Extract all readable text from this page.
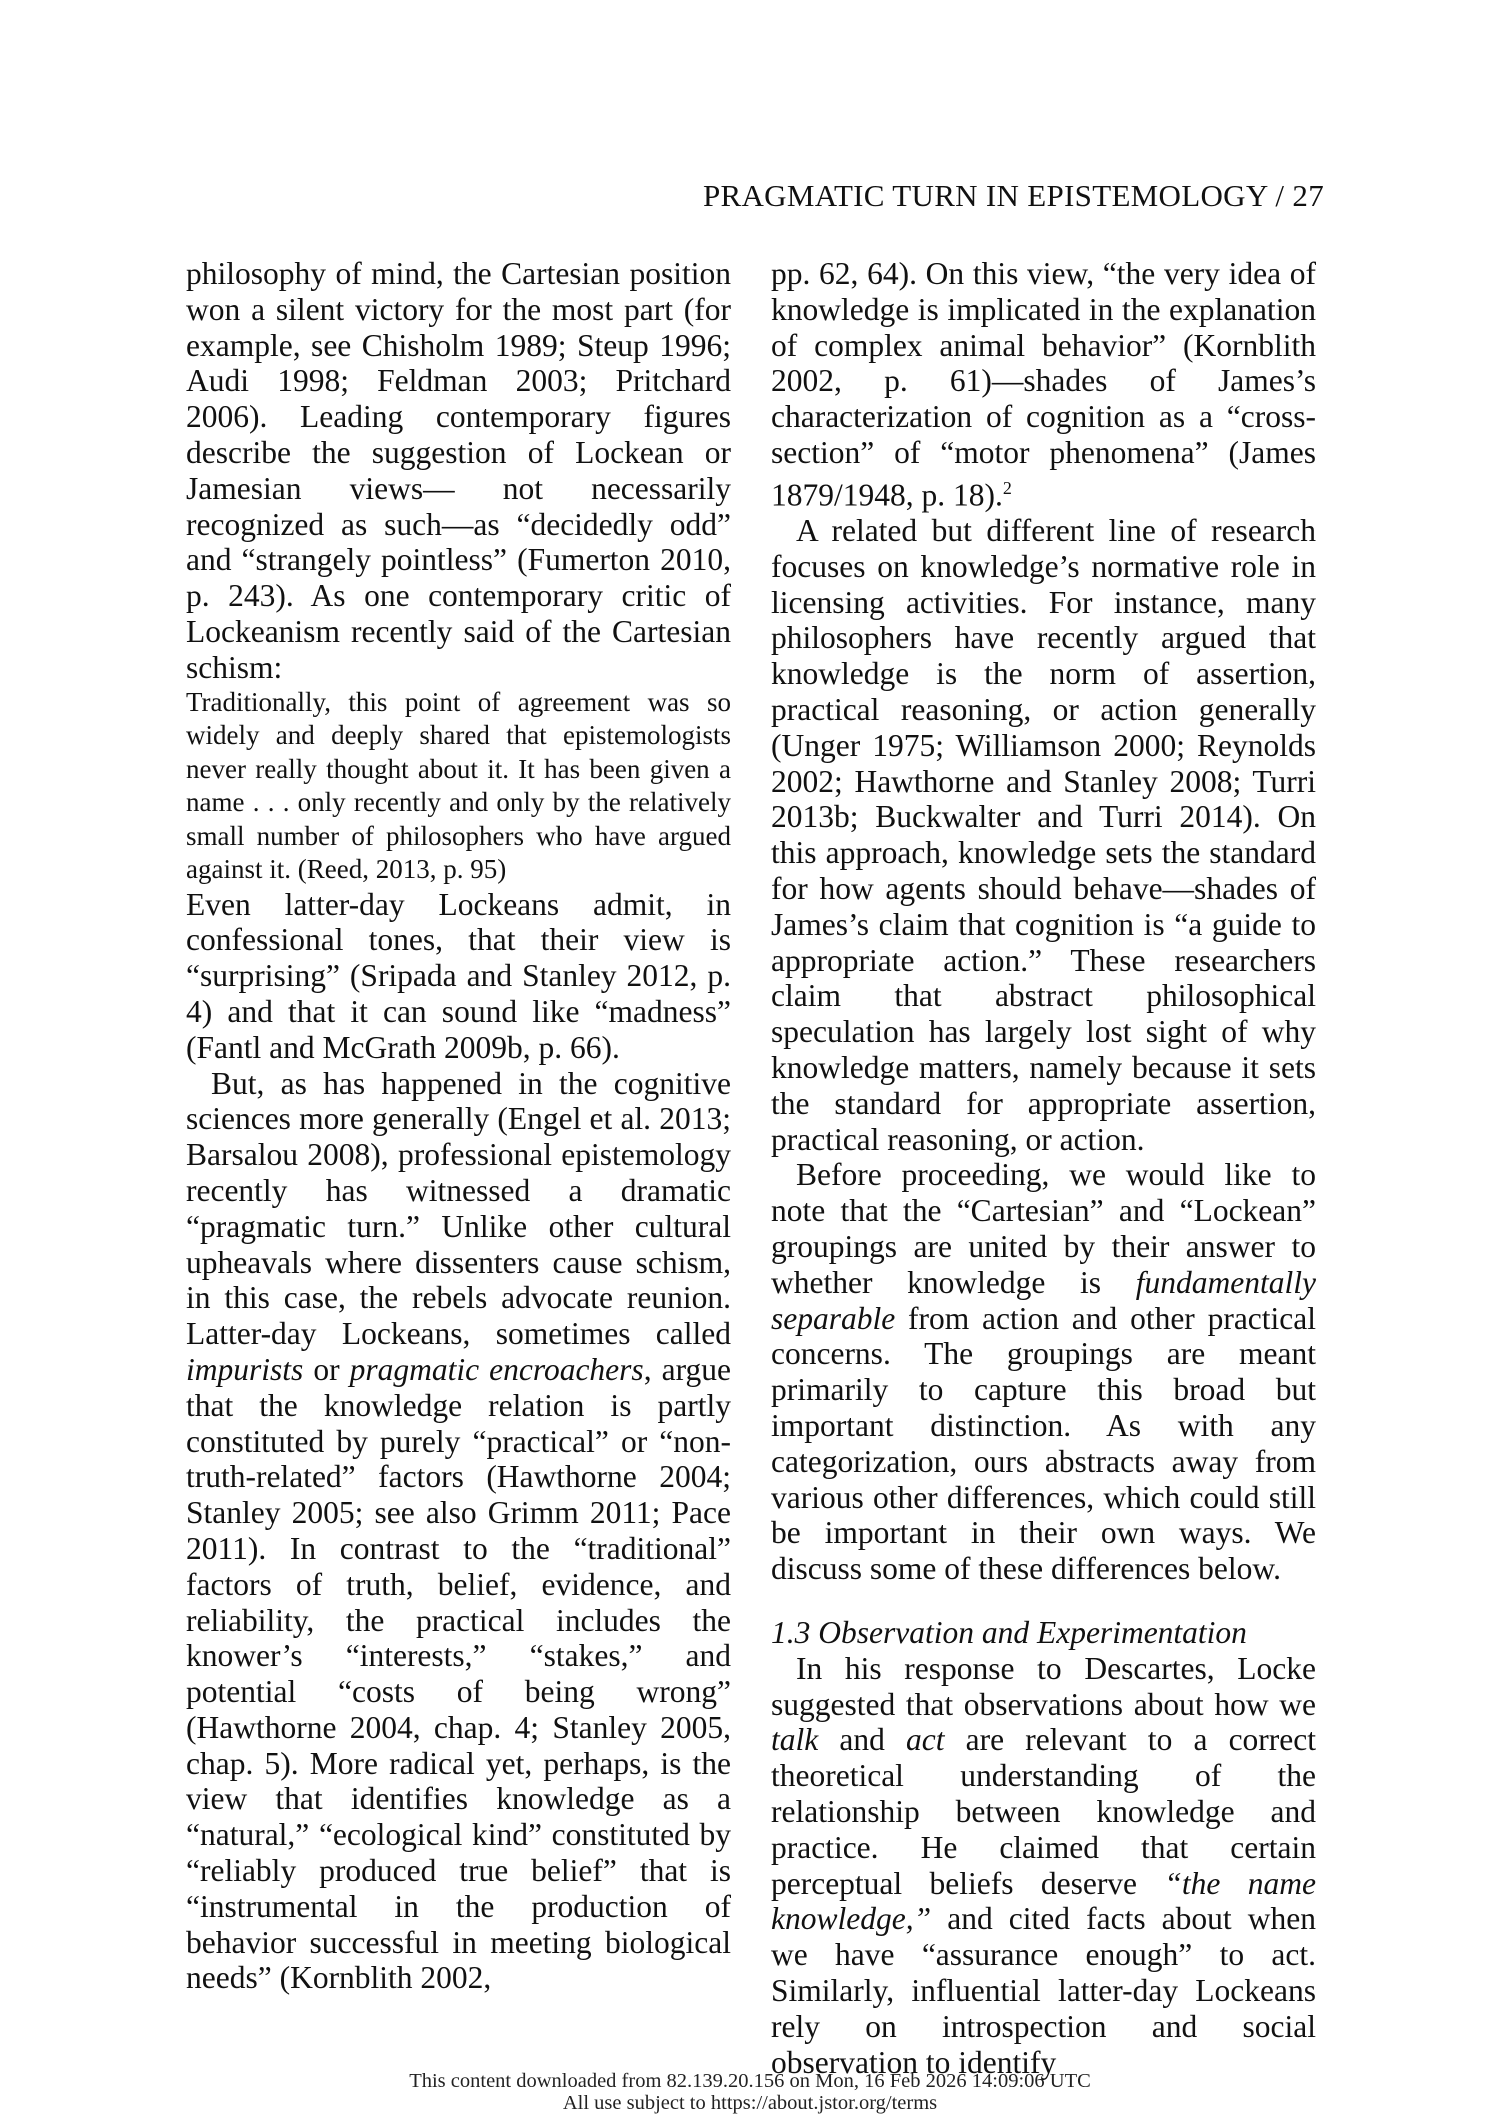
PRAGMATIC TURN IN EPISTEMOLOGY / 27

philosophy of mind, the Cartesian position won a silent victory for the most part (for example, see Chisholm 1989; Steup 1996; Audi 1998; Feldman 2003; Pritchard 2006). Leading contemporary figures describe the suggestion of Lockean or Jamesian views— not necessarily recognized as such—as “decidedly odd” and “strangely pointless” (Fumerton 2010, p. 243). As one contemporary critic of Lockeanism recently said of the Cartesian schism:

Traditionally, this point of agreement was so widely and deeply shared that epistemologists never really thought about it. It has been given a name . . . only recently and only by the relatively small number of philosophers who have argued against it. (Reed, 2013, p. 95)

Even latter-day Lockeans admit, in confessional tones, that their view is “surprising” (Sripada and Stanley 2012, p. 4) and that it can sound like “madness” (Fantl and McGrath 2009b, p. 66).

But, as has happened in the cognitive sciences more generally (Engel et al. 2013; Barsalou 2008), professional epistemology recently has witnessed a dramatic “pragmatic turn.” Unlike other cultural upheavals where dissenters cause schism, in this case, the rebels advocate reunion. Latter-day Lockeans, sometimes called impurists or pragmatic encroachers, argue that the knowledge relation is partly constituted by purely “practical” or “non-truth-related” factors (Hawthorne 2004; Stanley 2005; see also Grimm 2011; Pace 2011). In contrast to the “traditional” factors of truth, belief, evidence, and reliability, the practical includes the knower’s “interests,” “stakes,” and potential “costs of being wrong” (Hawthorne 2004, chap. 4; Stanley 2005, chap. 5). More radical yet, perhaps, is the view that identifies knowledge as a “natural,” “ecological kind” constituted by “reliably produced true belief” that is “instrumental in the production of behavior successful in meeting biological needs” (Kornblith 2002,

pp. 62, 64). On this view, “the very idea of knowledge is implicated in the explanation of complex animal behavior” (Kornblith 2002, p. 61)—shades of James’s characterization of cognition as a “cross-section” of “motor phenomena” (James 1879/1948, p. 18).$^2$

A related but different line of research focuses on knowledge’s normative role in licensing activities. For instance, many philosophers have recently argued that knowledge is the norm of assertion, practical reasoning, or action generally (Unger 1975; Williamson 2000; Reynolds 2002; Hawthorne and Stanley 2008; Turri 2013b; Buckwalter and Turri 2014). On this approach, knowledge sets the standard for how agents should behave—shades of James’s claim that cognition is “a guide to appropriate action.” These researchers claim that abstract philosophical speculation has largely lost sight of why knowledge matters, namely because it sets the standard for appropriate assertion, practical reasoning, or action.

Before proceeding, we would like to note that the “Cartesian” and “Lockean” groupings are united by their answer to whether knowledge is fundamentally separable from action and other practical concerns. The groupings are meant primarily to capture this broad but important distinction. As with any categorization, ours abstracts away from various other differences, which could still be important in their own ways. We discuss some of these differences below.

1.3 Observation and Experimentation

In his response to Descartes, Locke suggested that observations about how we talk and act are relevant to a correct theoretical understanding of the relationship between knowledge and practice. He claimed that certain perceptual beliefs deserve “the name knowledge,” and cited facts about when we have “assurance enough” to act. Similarly, influential latter-day Lockeans rely on introspection and social observation to identify

This content downloaded from 82.139.20.156 on Mon, 16 Feb 2026 14:09:06 UTC
All use subject to https://about.jstor.org/terms
